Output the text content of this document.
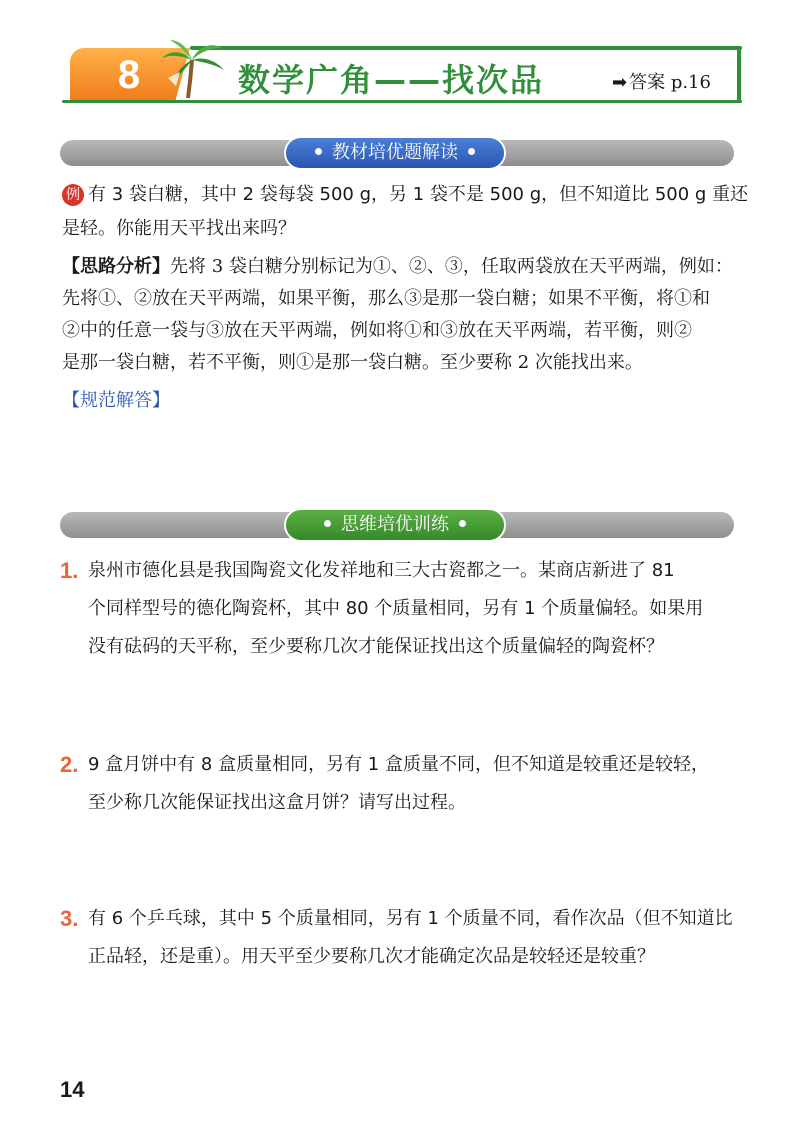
8	数学广角——找次品	➡ 答案 p.16
教材培优题解读
例 有 3 袋白糖，其中 2 袋每袋 500 g，另 1 袋不是 500 g，但不知道比 500 g 重还
是轻。你能用天平找出来吗？
【思路分析】先将 3 袋白糖分别标记为①、②、③，任取两袋放在天平两端，例如：
先将①、②放在天平两端，如果平衡，那么③是那一袋白糖；如果不平衡，将①和
②中的任意一袋与③放在天平两端，例如将①和③放在天平两端，若平衡，则②
是那一袋白糖，若不平衡，则①是那一袋白糖。至少要称 2 次能找出来。
【规范解答】
思维培优训练
1. 泉州市德化县是我国陶瓷文化发祥地和三大古瓷都之一。某商店新进了 81
个同样型号的德化陶瓷杯，其中 80 个质量相同，另有 1 个质量偏轻。如果用
没有砝码的天平称，至少要称几次才能保证找出这个质量偏轻的陶瓷杯？
2. 9 盒月饼中有 8 盒质量相同，另有 1 盒质量不同，但不知道是较重还是较轻，
至少称几次能保证找出这盒月饼？请写出过程。
3. 有 6 个乒乓球，其中 5 个质量相同，另有 1 个质量不同，看作次品（但不知道比
正品轻，还是重）。用天平至少要称几次才能确定次品是较轻还是较重？
14
